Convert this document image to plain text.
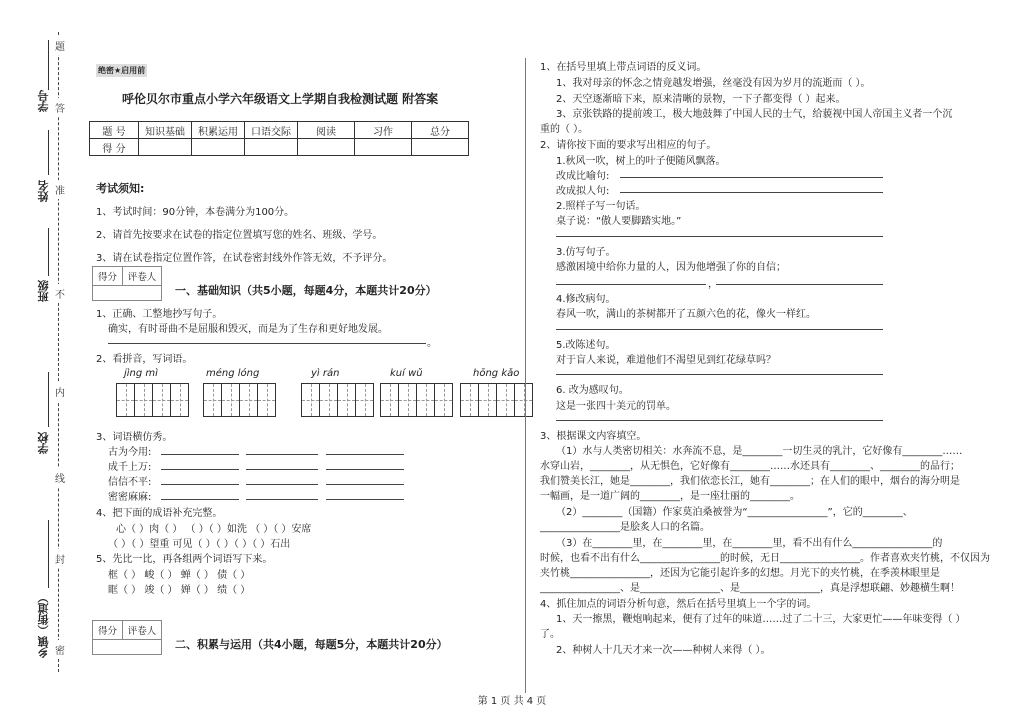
题
学号 答
姓名 准
班级 不
内
学校
线
封
乡镇（街道） 密
绝密★启用前
呼伦贝尔市重点小学六年级语文上学期自我检测试题 附答案
题 号	知识基础	积累运用	口语交际	阅读	习作	总分
得 分						
考试须知:
1、考试时间：90分钟，本卷满分为100分。
2、请首先按要求在试卷的指定位置填写您的姓名、班级、学号。
3、请在试卷指定位置作答，在试卷密封线外作答无效，不予评分。
得分 评卷人
一、基础知识（共5小题，每题4分，本题共计20分）
1、正确、工整地抄写句子。
确实，有时哥曲不是屈服和毁灭，而是为了生存和更好地发展。
。
2、看拼音，写词语。
jìng mì	méng lóng	yì rán	kuí wǔ	hōng kǎo
3、词语横仿秀。
古为今用:
成千上万:
信信不平:
密密麻麻:
4、把下面的成语补充完整。
心（ ）肉（ ） （ ）（ ）如洗 （ ）（ ）安席
（ ）（ ）望重 可见（ ）（ ）（ ）（ ）石出
5、先比一比，再各组两个词语写下来。
框（ ） 峻（ ） 蝉（ ） 债（ ）
眶（ ） 竣（ ） 婵（ ） 绩（ ）
得分 评卷人
二、积累与运用（共4小题，每题5分，本题共计20分）
1、在括号里填上带点词语的反义词。
1、我对母亲的怀念之情竟越发增强，丝毫没有因为岁月的流逝而（ ）。
2、天空逐渐暗下来，原来清晰的景物，一下子都变得（ ）起来。
3、京张铁路的提前竣工，极大地鼓舞了中国人民的士气，给藐视中国人帝国主义者一个沉
重的（ ）。
2、请你按下面的要求写出相应的句子。
1.秋风一吹，树上的叶子便随风飘落。
改成比喻句:
改成拟人句:
2.照样子写一句话。
桌子说：“傲人要脚踏实地。”
3.仿写句子。
感激困境中给你力量的人，因为他增强了你的自信；
，
4.修改病句。
春风一吹，满山的茶树都开了五颜六色的花，像火一样红。
5.改陈述句。
对于盲人来说，难道他们不渴望见到红花绿草吗？
6. 改为感叹句。
这是一张四十美元的罚单。
3、根据课文内容填空。
（1）水与人类密切相关：水奔流不息，是________一切生灵的乳汁，它好像有________……
水穿山岩，________，从无惧色，它好像有________……水还具有________、________的品行；
我们赞美长江，她是________，我们依恋长江，她有________；在人们的眼中，烟台的海分明是
一幅画，是一道广阔的________，是一座壮丽的________。
（2）________（国籍）作家莫泊桑被誉为“________________”，它的________、
________________是脍炙人口的名篇。
（3）在________里，在________里，在________里，看不出有什么________________的
时候，也看不出有什么________________的时候，无日________________。作者喜欢夹竹桃，不仅因为
夹竹桃________________，还因为它能引起许多的幻想。月光下的夹竹桃，在季羡林眼里是
________________、是________________、是________________，真是浮想联翩、妙趣横生啊！
4、抓住加点的词语分析句意，然后在括号里填上一个字的词。
1、天一擦黑，鞭炮响起来，便有了过年的味道……过了二十三，大家更忙——年味变得（ ）
了。
2、种树人十几天才来一次——种树人来得（ ）。
第 1 页 共 4 页
